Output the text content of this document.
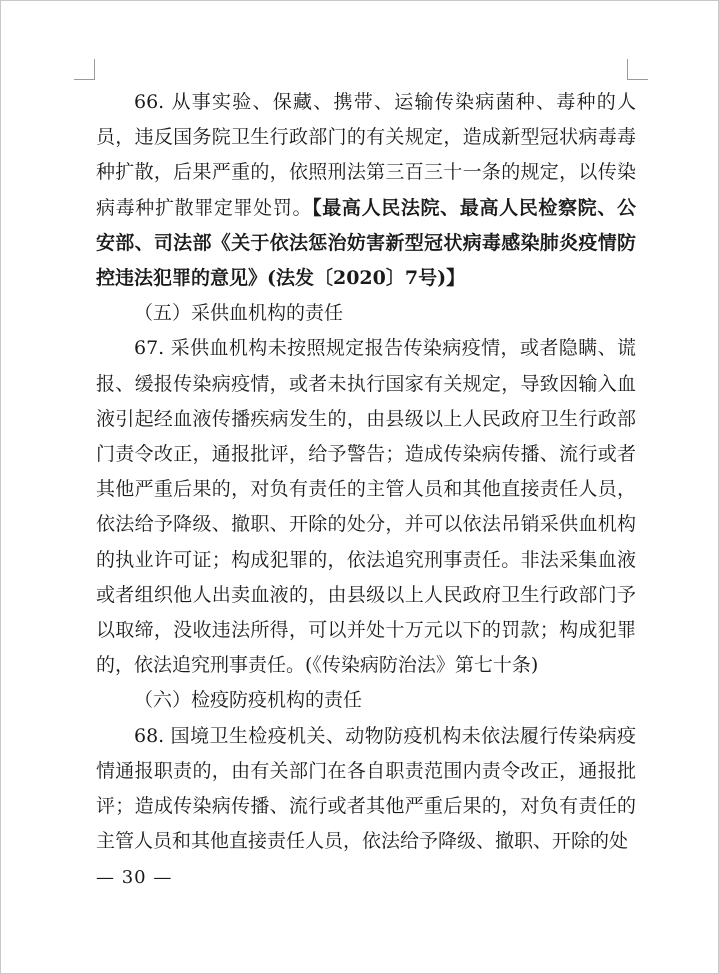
66. 从事实验、保藏、携带、运输传染病菌种、毒种的人员，违反国务院卫生行政部门的有关规定，造成新型冠状病毒毒种扩散，后果严重的，依照刑法第三百三十一条的规定，以传染病毒种扩散罪定罪处罚。【最高人民法院、最高人民检察院、公安部、司法部《关于依法惩治妨害新型冠状病毒感染肺炎疫情防控违法犯罪的意见》(法发〔2020〕7号)】

（五）采供血机构的责任

67. 采供血机构未按照规定报告传染病疫情，或者隐瞒、谎报、缓报传染病疫情，或者未执行国家有关规定，导致因输入血液引起经血液传播疾病发生的，由县级以上人民政府卫生行政部门责令改正，通报批评，给予警告；造成传染病传播、流行或者其他严重后果的，对负有责任的主管人员和其他直接责任人员，依法给予降级、撤职、开除的处分，并可以依法吊销采供血机构的执业许可证；构成犯罪的，依法追究刑事责任。非法采集血液或者组织他人出卖血液的，由县级以上人民政府卫生行政部门予以取缔，没收违法所得，可以并处十万元以下的罚款；构成犯罪的，依法追究刑事责任。(《传染病防治法》第七十条)

（六）检疫防疫机构的责任

68. 国境卫生检疫机关、动物防疫机构未依法履行传染病疫情通报职责的，由有关部门在各自职责范围内责令改正，通报批评；造成传染病传播、流行或者其他严重后果的，对负有责任的主管人员和其他直接责任人员，依法给予降级、撤职、开除的处

— 30 —
